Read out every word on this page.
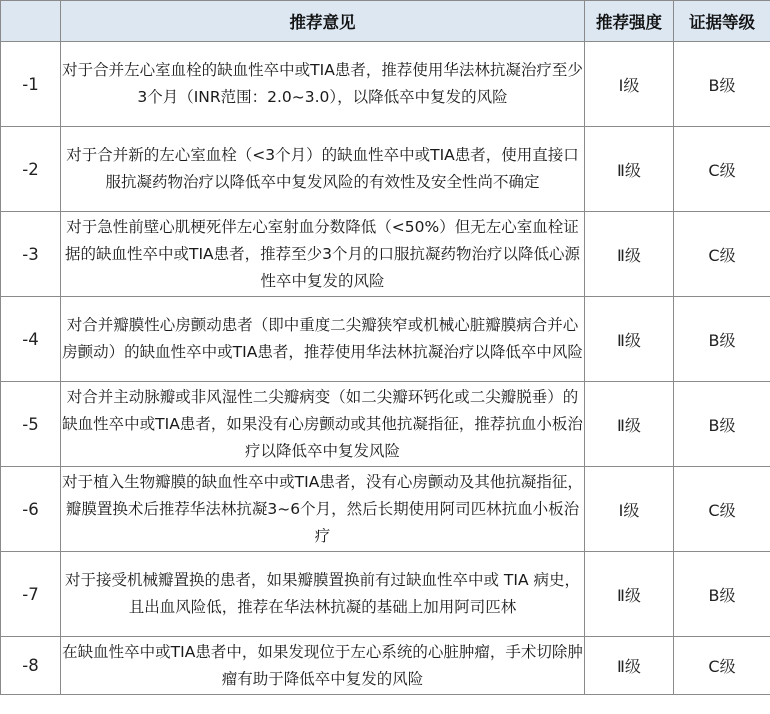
	推荐意见	推荐强度	证据等级
-1	对于合并左心室血栓的缺血性卒中或TIA患者，推荐使用华法林抗凝治疗至少3个月（INR范围：2.0~3.0），以降低卒中复发的风险	Ⅰ级	B级
-2	对于合并新的左心室血栓（<3个月）的缺血性卒中或TIA患者，使用直接口服抗凝药物治疗以降低卒中复发风险的有效性及安全性尚不确定	Ⅱ级	C级
-3	对于急性前壁心肌梗死伴左心室射血分数降低（<50%）但无左心室血栓证据的缺血性卒中或TIA患者，推荐至少3个月的口服抗凝药物治疗以降低心源性卒中复发的风险	Ⅱ级	C级
-4	对合并瓣膜性心房颤动患者（即中重度二尖瓣狭窄或机械心脏瓣膜病合并心房颤动）的缺血性卒中或TIA患者，推荐使用华法林抗凝治疗以降低卒中风险	Ⅱ级	B级
-5	对合并主动脉瓣或非风湿性二尖瓣病变（如二尖瓣环钙化或二尖瓣脱垂）的缺血性卒中或TIA患者，如果没有心房颤动或其他抗凝指征，推荐抗血小板治疗以降低卒中复发风险	Ⅱ级	B级
-6	对于植入生物瓣膜的缺血性卒中或TIA患者，没有心房颤动及其他抗凝指征，瓣膜置换术后推荐华法林抗凝3~6个月，然后长期使用阿司匹林抗血小板治疗	Ⅰ级	C级
-7	对于接受机械瓣置换的患者，如果瓣膜置换前有过缺血性卒中或 TIA 病史，且出血风险低，推荐在华法林抗凝的基础上加用阿司匹林	Ⅱ级	B级
-8	在缺血性卒中或TIA患者中，如果发现位于左心系统的心脏肿瘤，手术切除肿瘤有助于降低卒中复发的风险	Ⅱ级	C级
